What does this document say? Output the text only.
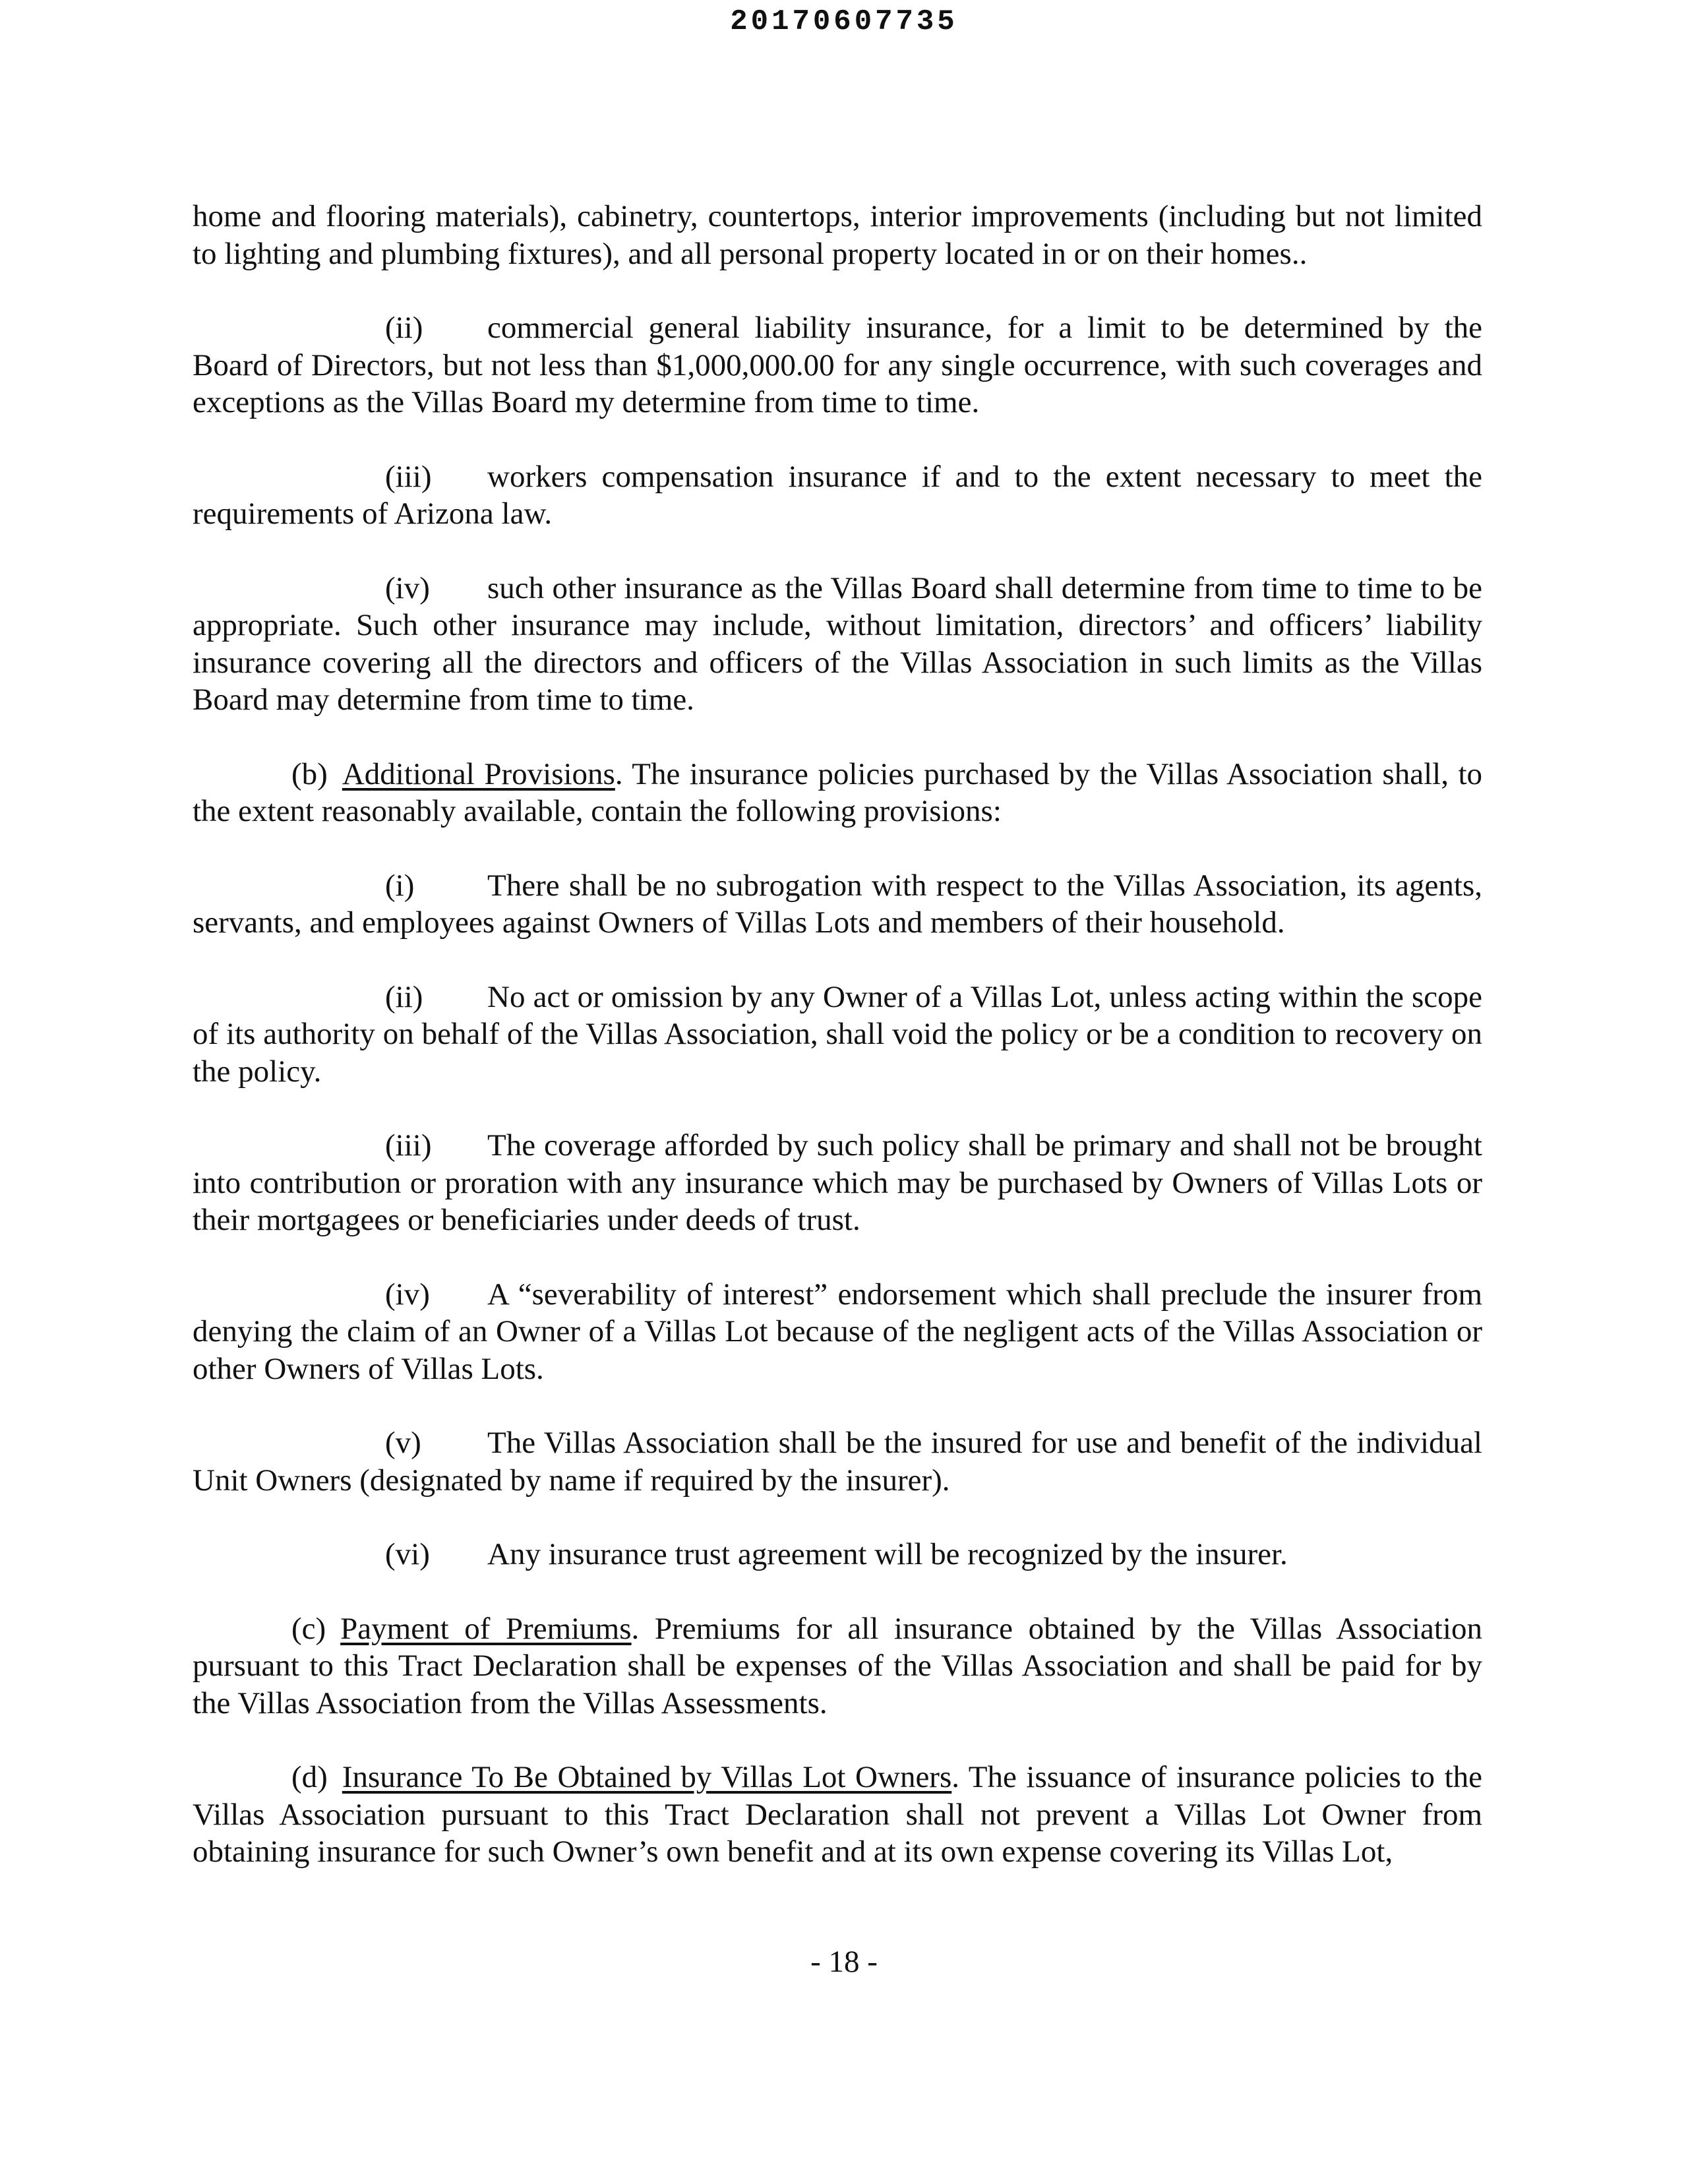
20170607735

home and flooring materials), cabinetry, countertops, interior improvements (including but not limited to lighting and plumbing fixtures), and all personal property located in or on their homes..

(ii) commercial general liability insurance, for a limit to be determined by the Board of Directors, but not less than $1,000,000.00 for any single occurrence, with such coverages and exceptions as the Villas Board my determine from time to time.

(iii) workers compensation insurance if and to the extent necessary to meet the requirements of Arizona law.

(iv) such other insurance as the Villas Board shall determine from time to time to be appropriate. Such other insurance may include, without limitation, directors’ and officers’ liability insurance covering all the directors and officers of the Villas Association in such limits as the Villas Board may determine from time to time.

(b) Additional Provisions. The insurance policies purchased by the Villas Association shall, to the extent reasonably available, contain the following provisions:

(i) There shall be no subrogation with respect to the Villas Association, its agents, servants, and employees against Owners of Villas Lots and members of their household.

(ii) No act or omission by any Owner of a Villas Lot, unless acting within the scope of its authority on behalf of the Villas Association, shall void the policy or be a condition to recovery on the policy.

(iii) The coverage afforded by such policy shall be primary and shall not be brought into contribution or proration with any insurance which may be purchased by Owners of Villas Lots or their mortgagees or beneficiaries under deeds of trust.

(iv) A “severability of interest” endorsement which shall preclude the insurer from denying the claim of an Owner of a Villas Lot because of the negligent acts of the Villas Association or other Owners of Villas Lots.

(v) The Villas Association shall be the insured for use and benefit of the individual Unit Owners (designated by name if required by the insurer).

(vi) Any insurance trust agreement will be recognized by the insurer.

(c) Payment of Premiums. Premiums for all insurance obtained by the Villas Association pursuant to this Tract Declaration shall be expenses of the Villas Association and shall be paid for by the Villas Association from the Villas Assessments.

(d) Insurance To Be Obtained by Villas Lot Owners. The issuance of insurance policies to the Villas Association pursuant to this Tract Declaration shall not prevent a Villas Lot Owner from obtaining insurance for such Owner’s own benefit and at its own expense covering its Villas Lot,

- 18 -
